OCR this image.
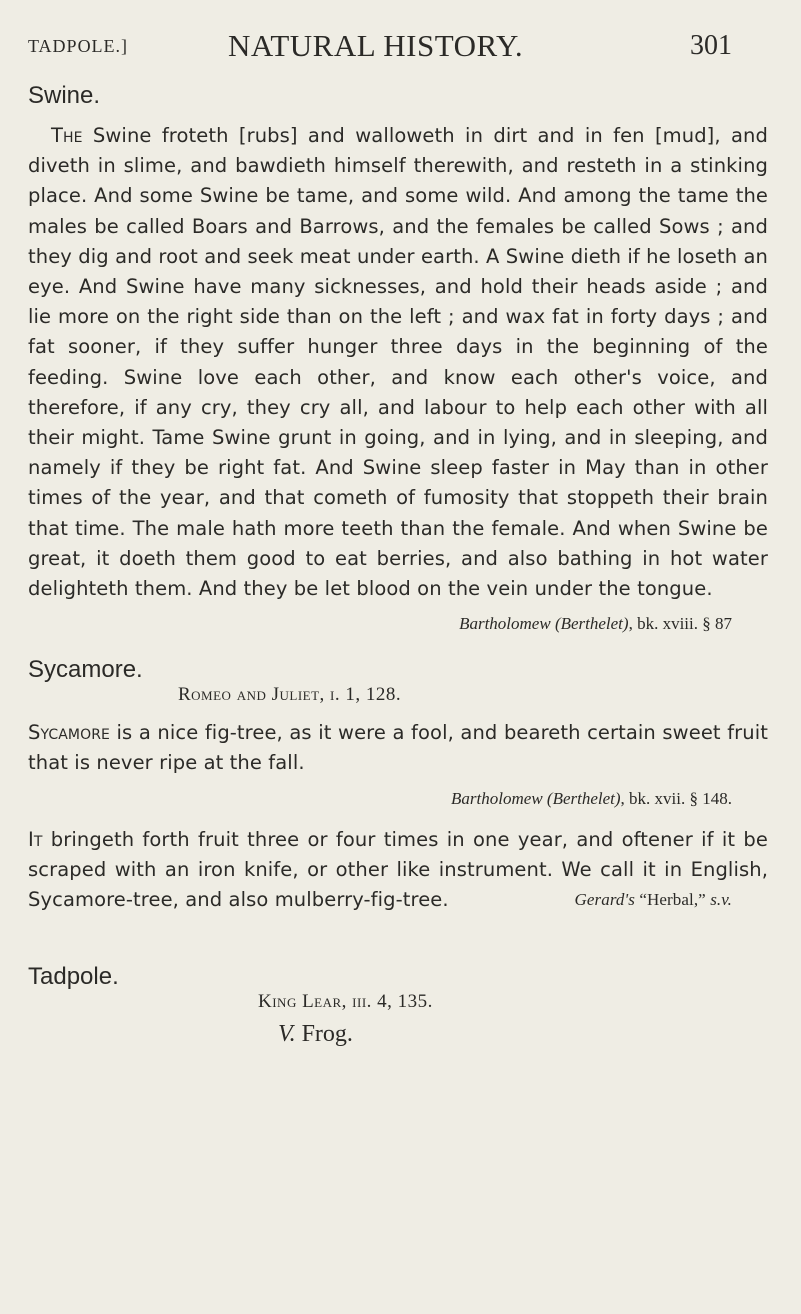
TADPOLE.]	NATURAL HISTORY.	301
Swine.

The Swine froteth [rubs] and walloweth in dirt and in fen [mud], and diveth in slime, and bawdieth himself therewith, and resteth in a stinking place. And some Swine be tame, and some wild. And among the tame the males be called Boars and Barrows, and the females be called Sows ; and they dig and root and seek meat under earth. A Swine dieth if he loseth an eye. And Swine have many sicknesses, and hold their heads aside ; and lie more on the right side than on the left ; and wax fat in forty days ; and fat sooner, if they suffer hunger three days in the beginning of the feeding. Swine love each other, and know each other's voice, and therefore, if any cry, they cry all, and labour to help each other with all their might. Tame Swine grunt in going, and in lying, and in sleeping, and namely if they be right fat. And Swine sleep faster in May than in other times of the year, and that cometh of fumosity that stoppeth their brain that time. The male hath more teeth than the female. And when Swine be great, it doeth them good to eat berries, and also bathing in hot water delighteth them. And they be let blood on the vein under the tongue.

Bartholomew (Berthelet), bk. xviii. § 87

Sycamore.

Romeo and Juliet, i. 1, 128.

Sycamore is a nice fig-tree, as it were a fool, and beareth certain sweet fruit that is never ripe at the fall.

Bartholomew (Berthelet), bk. xvii. § 148.

It bringeth forth fruit three or four times in one year, and oftener if it be scraped with an iron knife, or other like instrument. We call it in English, Sycamore-tree, and also mulberry-fig-tree.	Gerard's “Herbal,” s.v.

Tadpole.

King Lear, iii. 4, 135.

V. Frog.
